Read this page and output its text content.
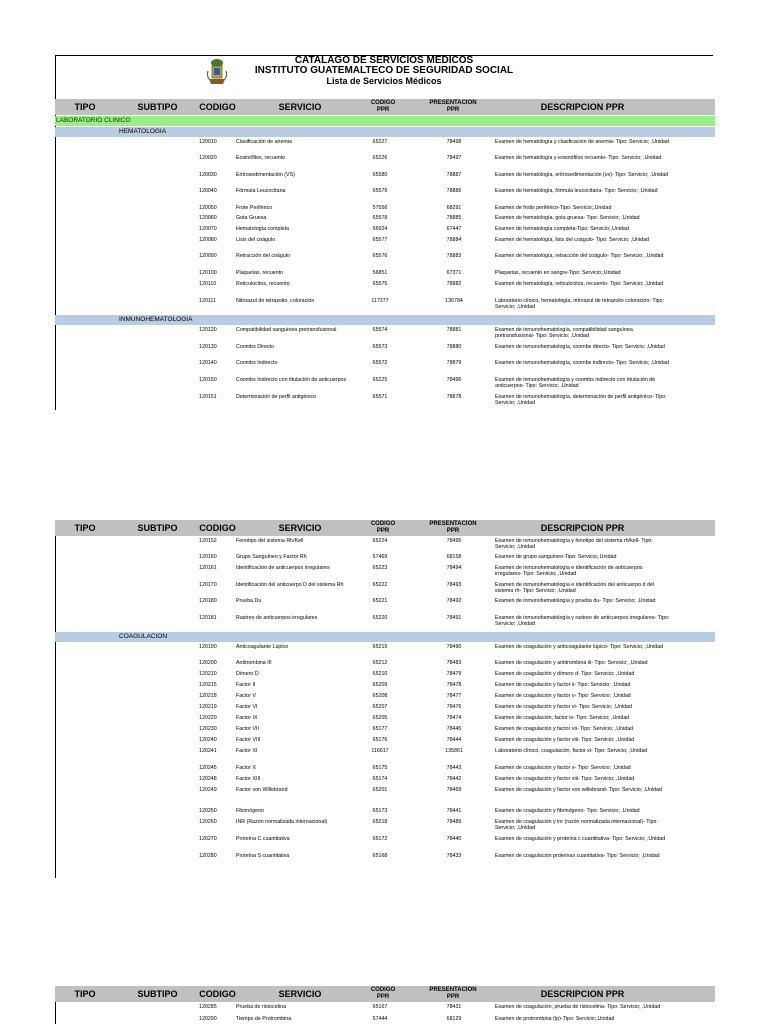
CATALAGO DE SERVICIOS MEDICOS
INSTITUTO GUATEMALTECO DE SEGURIDAD SOCIAL
Lista de Servicios Médicos
TIPO	SUBTIPO	CODIGO	SERVICIO	CODIGO PPR
PRESENTACION PPR	DESCRIPCION PPR
LABORATORIO CLINICO
HEMATOLOGIA
120010	Clasificación de anemia	65227	78498	Examen de hematología y clasificación de anemia- Tipo: Servicio; ,Unidad
120020	Eosinófilos, recuento	65226	78497	Examen de hematología y eosinófilos recuento- Tipo: Servicio; ,Unidad
120030	Eritrosedimentación (VS)	65580	78887	Examen de hematología, eritrosedimentación (vs)- Tipo: Servicio; ,Unidad
120040	Fórmula Leucocitaria	65579	78886	Examen de hematología, fórmula leucocitaria- Tipo: Servicio; ,Unidad
120050	Frote Periférico	57556	68291	Examen de frotis periférico-Tipo: Servicio;,Unidad
120060	Gota Gruesa	65578	78885	Examen de hematología, gota gruesa- Tipo: Servicio; ,Unidad
120070	Hematología completa	56924	67447	Examen de hematología completa-Tipo: Servicio;,Unidad
120080	Lisis del coágulo	65577	78884	Examen de hematología, lisis del coágulo- Tipo: Servicio; ,Unidad
120090	Retracción del coágulo	65576	78883	Examen de hematología, retracción del coágulo- Tipo: Servicio; ,Unidad
120100	Plaquetas, recuento	56851	67371	Plaquetas, recuento en sangre-Tipo: Servicio;,Unidad
120110	Reticulocitos, recuento	65575	78882	Examen de hematología, reticulocitos, recuento- Tipo: Servicio; ,Unidad
120111	Nitroazul de tetrazolio, coloración	117377	136784	Laboratorio clínico, hematología, nitroazul de tetrazolio coloración- Tipo: Servicio; ,Unidad
INMUNOHEMATOLOGIA
120120	Compatibilidad sanguínea pretransfusional	65574	78881	Examen de inmunohematología, compatibilidad sanguínea pretransfusional- Tipo: Servicio; ,Unidad
120130	Coombs Directo	65573	78880	Examen de inmunohematología, coombs directo- Tipo: Servicio; ,Unidad
120140	Coombs Indirecto	65572	78879	Examen de inmunohematología, coombs indirecto- Tipo: Servicio; ,Unidad
120150	Coombs Indirecto con titulación de anticuerpos	65225	78496	Examen de inmunohematología y coombs indirecto con titulación de anticuerpos- Tipo: Servicio; ,Unidad
120151	Determinación de perfil antigénico	65571	78878	Examen de inmunohematología, determinación de perfil antigénico- Tipo: Servicio; ,Unidad
TIPO	SUBTIPO	CODIGO	SERVICIO	CODIGO PPR
PRESENTACION PPR	DESCRIPCION PPR
120152	Fenotipo del sistema Rh/Kell	65224	78495	Examen de inmunohematología y fenotipo del sistema rh/kell- Tipo: Servicio; ,Unidad
120160	Grupo Sanguíneo y Factor Rh	57469	68158	Examen de grupo sanguíneo-Tipo: Servicio;,Unidad
120161	Identificación de anticuerpos irregulares	65223	78494	Examen de inmunohematología e identificación de anticuerpos irregulares- Tipo: Servicio; ,Unidad
120170	Identificación del anticuerpo D del sistema Rh	65222	78493	Examen de inmunohematología e identificación del anticuerpo d del sistema rh- Tipo: Servicio; ,Unidad
120180	Prueba Du	65221	78492	Examen de inmunohematología y prueba du- Tipo: Servicio; ,Unidad
120181	Rastreo de anticuerpos irregulares	65220	78491	Examen de inmunohematología y rastreo de anticuerpos irregulares- Tipo: Servicio; ,Unidad
COAGULACION
120190	Anticoagulante Lúpico	65219	78490	Examen de coagulación y anticoagulante lúpico- Tipo: Servicio; ,Unidad
120200	Antitrombina III	65212	78483	Examen de coagulación y antitrombina iii- Tipo: Servicio; ,Unidad
120210	Dímero D	65210	78479	Examen de coagulación y dímero d- Tipo: Servicio; ,Unidad
120215	Factor II	65209	78478	Examen de coagulación y factor ii- Tipo: Servicio; ,Unidad
120218	Factor V	65208	78477	Examen de coagulación y factor v- Tipo: Servicio; ,Unidad
120219	Factor VI	65207	78476	Examen de coagulación y factor vi- Tipo: Servicio; ,Unidad
120220	Factor IX	65205	78474	Examen de coagulación, factor ix- Tipo: Servicio; ,Unidad
120230	Factor VII	65177	78445	Examen de coagulación y factor vii- Tipo: Servicio; ,Unidad
120240	Factor VIII	65176	78444	Examen de coagulación y factor viii- Tipo: Servicio; ,Unidad
120241	Factor XI	116617	135861	Laboratorio clínico, coagulación, factor xi- Tipo: Servicio; ,Unidad
120245	Factor X	65175	78443	Examen de coagulación y factor x- Tipo: Servicio; ,Unidad
120248	Factor XIII	65174	78442	Examen de coagulación y factor xiii- Tipo: Servicio; ,Unidad
120249	Factor von Willebrand	65201	78469	Examen de coagulación y factor von willebrand- Tipo: Servicio; ,Unidad
120250	Fibrinógeno	65173	78441	Examen de coagulación y fibrinógeno- Tipo: Servicio; ,Unidad
120260	INR (Razón normalizada internacional)	65218	78489	Examen de coagulación y inr (razón normalizada internacional)- Tipo: Servicio; ,Unidad
120270	Proteína C cuantitativa	65172	78440	Examen de coagulación y proteína c cuantitativa- Tipo: Servicio; ,Unidad
120280	Proteína S cuantitativa	65168	78433	Examen de coagulación proteínas cuantitativa- Tipo: Servicio; ,Unidad
TIPO	SUBTIPO	CODIGO	SERVICIO	CODIGO PPR
PRESENTACION PPR	DESCRIPCION PPR
120285	Prueba de ristocetina	65167	78431	Examen de coagulación, prueba de ristocetina- Tipo: Servicio; ,Unidad
120290	Tiempo de Protrombina	57444	68129	Examen de protrombina (tp)-Tipo: Servicio;,Unidad
